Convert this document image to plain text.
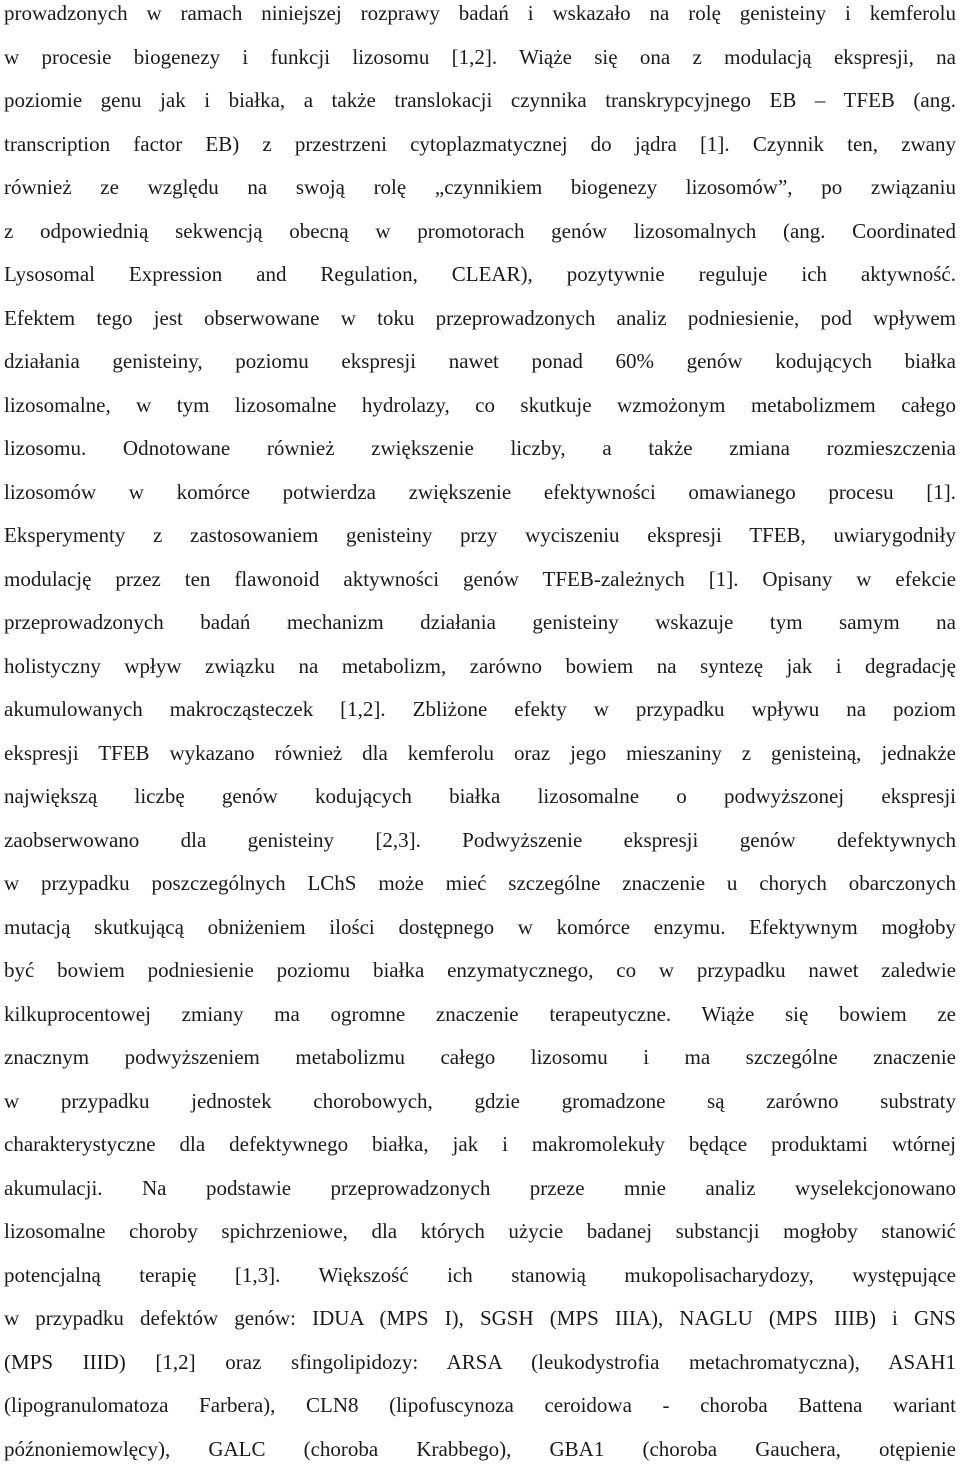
prowadzonych w ramach niniejszej rozprawy badań i wskazało na rolę genisteiny i kemferolu
w procesie biogenezy i funkcji lizosomu [1,2]. Wiąże się ona z modulacją ekspresji, na
poziomie genu jak i białka, a także translokacji czynnika transkrypcyjnego EB – TFEB (ang.
transcription factor EB) z przestrzeni cytoplazmatycznej do jądra [1]. Czynnik ten, zwany
również ze względu na swoją rolę „czynnikiem biogenezy lizosomów”, po związaniu
z odpowiednią sekwencją obecną w promotorach genów lizosomalnych (ang. Coordinated
Lysosomal Expression and Regulation, CLEAR), pozytywnie reguluje ich aktywność.
Efektem tego jest obserwowane w toku przeprowadzonych analiz podniesienie, pod wpływem
działania genisteiny, poziomu ekspresji nawet ponad 60% genów kodujących białka
lizosomalne, w tym lizosomalne hydrolazy, co skutkuje wzmożonym metabolizmem całego
lizosomu. Odnotowane również zwiększenie liczby, a także zmiana rozmieszczenia
lizosomów w komórce potwierdza zwiększenie efektywności omawianego procesu [1].
Eksperymenty z zastosowaniem genisteiny przy wyciszeniu ekspresji TFEB, uwiarygodniły
modulację przez ten flawonoid aktywności genów TFEB-zależnych [1]. Opisany w efekcie
przeprowadzonych badań mechanizm działania genisteiny wskazuje tym samym na
holistyczny wpływ związku na metabolizm, zarówno bowiem na syntezę jak i degradację
akumulowanych makrocząsteczek [1,2]. Zbliżone efekty w przypadku wpływu na poziom
ekspresji TFEB wykazano również dla kemferolu oraz jego mieszaniny z genisteiną, jednakże
największą liczbę genów kodujących białka lizosomalne o podwyższonej ekspresji
zaobserwowano dla genisteiny [2,3]. Podwyższenie ekspresji genów defektywnych
w przypadku poszczególnych LChS może mieć szczególne znaczenie u chorych obarczonych
mutacją skutkującą obniżeniem ilości dostępnego w komórce enzymu. Efektywnym mogłoby
być bowiem podniesienie poziomu białka enzymatycznego, co w przypadku nawet zaledwie
kilkuprocentowej zmiany ma ogromne znaczenie terapeutyczne. Wiąże się bowiem ze
znacznym podwyższeniem metabolizmu całego lizosomu i ma szczególne znaczenie
w przypadku jednostek chorobowych, gdzie gromadzone są zarówno substraty
charakterystyczne dla defektywnego białka, jak i makromolekuły będące produktami wtórnej
akumulacji. Na podstawie przeprowadzonych przeze mnie analiz wyselekcjonowano
lizosomalne choroby spichrzeniowe, dla których użycie badanej substancji mogłoby stanowić
potencjalną terapię [1,3]. Większość ich stanowią mukopolisacharydozy, występujące
w przypadku defektów genów: IDUA (MPS I), SGSH (MPS IIIA), NAGLU (MPS IIIB) i GNS
(MPS IIID) [1,2] oraz sfingolipidozy: ARSA (leukodystrofia metachromatyczna), ASAH1
(lipogranulomatoza Farbera), CLN8 (lipofuscynoza ceroidowa - choroba Battena wariant
późnoniemowlęcy), GALC (choroba Krabbego), GBA1 (choroba Gauchera, otępienie
